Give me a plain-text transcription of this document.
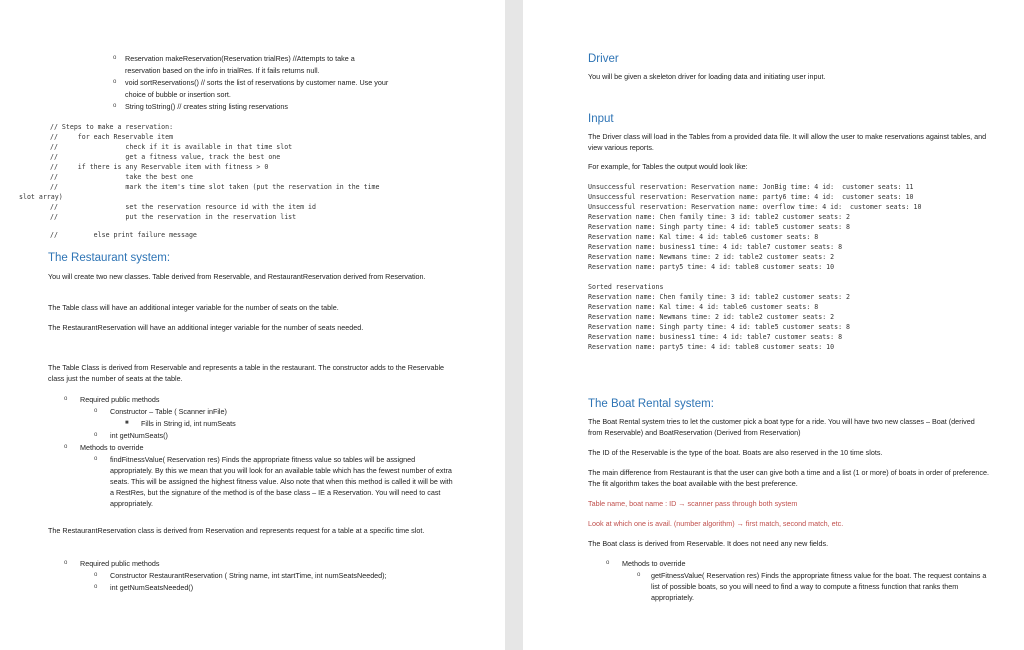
o Reservation makeReservation(Reservation trialRes) //Attempts to take a
reservation based on the info in trialRes. If it fails returns null.
o void sortReservations() // sorts the list of reservations by customer name. Use your
choice of bubble or insertion sort.
o String toString() // creates string listing reservations
// Steps to make a reservation:
//     for each Reservable item
//                 check if it is available in that time slot
//                 get a fitness value, track the best one
//     if there is any Reservable item with fitness > 0
//                 take the best one
//                 mark the item's time slot taken (put the reservation in the time
slot array)
//                 set the reservation resource id with the item id
//                 put the reservation in the reservation list
//         else print failure message
The Restaurant system:
You will create two new classes. Table derived from Reservable, and RestaurantReservation derived from Reservation.
The Table class will have an additional integer variable for the number of seats on the table.
The RestaurantReservation will have an additional integer variable for the number of seats needed.
The Table Class is derived from Reservable and represents a table in the restaurant. The constructor adds to the Reservable class just the number of seats at the table.
o Required public methods
o Constructor – Table ( Scanner inFile)
■ Fills in String id, int numSeats
o int getNumSeats()
o Methods to override
o findFitnessValue( Reservation res) Finds the appropriate fitness value so tables will be assigned appropriately. By this we mean that you will look for an available table which has the fewest number of extra seats. This will be assigned the highest fitness value. Also note that when this method is called it will be with a RestRes, but the signature of the method is of the base class – IE a Reservation. You will need to cast appropriately.
The RestaurantReservation class is derived from Reservation and represents request for a table at a specific time slot.
o Required public methods
o Constructor RestaurantReservation ( String name, int startTime, int numSeatsNeeded);
o int getNumSeatsNeeded()
Driver
You will be given a skeleton driver for loading data and initiating user input.
Input
The Driver class will load in the Tables from a provided data file. It will allow the user to make reservations against tables, and view various reports.
For example, for Tables the output would look like:
Unsuccessful reservation: Reservation name: JonBig time: 4 id:  customer seats: 11
Unsuccessful reservation: Reservation name: party6 time: 4 id:  customer seats: 10
Unsuccessful reservation: Reservation name: overflow time: 4 id:  customer seats: 10
Reservation name: Chen family time: 3 id: table2 customer seats: 2
Reservation name: Singh party time: 4 id: table5 customer seats: 8
Reservation name: Kal time: 4 id: table6 customer seats: 8
Reservation name: business1 time: 4 id: table7 customer seats: 8
Reservation name: Newmans time: 2 id: table2 customer seats: 2
Reservation name: party5 time: 4 id: table8 customer seats: 10
Sorted reservations
Reservation name: Chen family time: 3 id: table2 customer seats: 2
Reservation name: Kal time: 4 id: table6 customer seats: 8
Reservation name: Newmans time: 2 id: table2 customer seats: 2
Reservation name: Singh party time: 4 id: table5 customer seats: 8
Reservation name: business1 time: 4 id: table7 customer seats: 8
Reservation name: party5 time: 4 id: table8 customer seats: 10
The Boat Rental system:
The Boat Rental system tries to let the customer pick a boat type for a ride. You will have two new classes – Boat (derived from Reservable) and BoatReservation (Derived from Reservation)
The ID of the Reservable is the type of the boat. Boats are also reserved in the 10 time slots.
The main difference from Restaurant is that the user can give both a time and a list (1 or more) of boats in order of preference. The fit algorithm takes the boat available with the best preference.
Table name, boat name : ID → scanner pass through both system
Look at which one is avail. (number algorithm) → first match, second match, etc.
The Boat class is derived from Reservable. It does not need any new fields.
o Methods to override
o getFitnessValue( Reservation res) Finds the appropriate fitness value for the boat. The request contains a list of possible boats, so you will need to find a way to compute a fitness function that ranks them appropriately.
